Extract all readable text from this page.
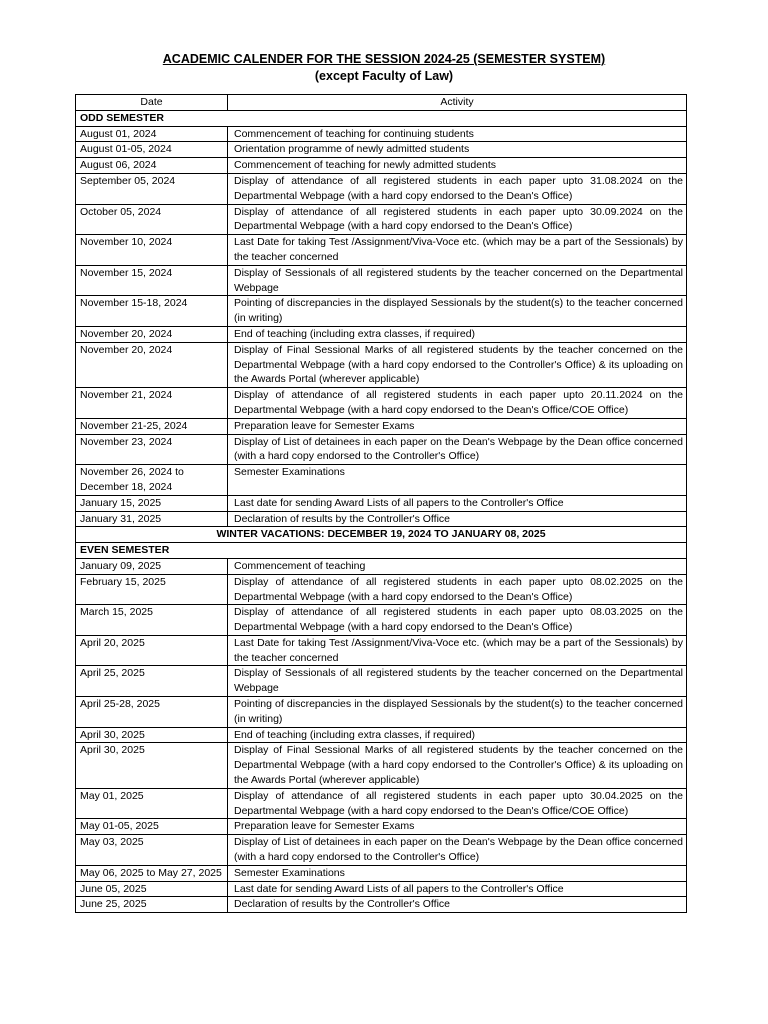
ACADEMIC CALENDER FOR THE SESSION 2024-25 (SEMESTER SYSTEM)
(except Faculty of Law)
Date	Activity
ODD SEMESTER	
August 01, 2024	Commencement of teaching for continuing students
August 01-05, 2024	Orientation programme of newly admitted students
August 06, 2024	Commencement of teaching for newly admitted students
September 05, 2024	Display of attendance of all registered students in each paper upto 31.08.2024 on the Departmental Webpage (with a hard copy endorsed to the Dean's Office)
October 05, 2024	Display of attendance of all registered students in each paper upto 30.09.2024 on the Departmental Webpage (with a hard copy endorsed to the Dean's Office)
November 10, 2024	Last Date for taking Test /Assignment/Viva-Voce etc. (which may be a part of the Sessionals) by the teacher concerned
November 15, 2024	Display of Sessionals of all registered students by the teacher concerned on the Departmental Webpage
November 15-18, 2024	Pointing of discrepancies in the displayed Sessionals by the student(s) to the teacher concerned (in writing)
November 20, 2024	End of teaching (including extra classes, if required)
November 20, 2024	Display of Final Sessional Marks of all registered students by the teacher concerned on the Departmental Webpage (with a hard copy endorsed to the Controller's Office) & its uploading on the Awards Portal (wherever applicable)
November 21, 2024	Display of attendance of all registered students in each paper upto 20.11.2024 on the Departmental Webpage (with a hard copy endorsed to the Dean's Office/COE Office)
November 21-25, 2024	Preparation leave for Semester Exams
November 23, 2024	Display of List of detainees in each paper on the Dean's Webpage by the Dean office concerned (with a hard copy endorsed to the Controller's Office)
November 26, 2024 to December 18, 2024	Semester Examinations
January 15, 2025	Last date for sending Award Lists of all papers to the Controller's Office
January 31, 2025	Declaration of results by the Controller's Office
WINTER VACATIONS: DECEMBER 19, 2024 TO JANUARY 08, 2025	
EVEN SEMESTER	
January 09, 2025	Commencement of teaching
February 15, 2025	Display of attendance of all registered students in each paper upto 08.02.2025 on the Departmental Webpage (with a hard copy endorsed to the Dean's Office)
March 15, 2025	Display of attendance of all registered students in each paper upto 08.03.2025 on the Departmental Webpage (with a hard copy endorsed to the Dean's Office)
April 20, 2025	Last Date for taking Test /Assignment/Viva-Voce etc. (which may be a part of the Sessionals) by the teacher concerned
April 25, 2025	Display of Sessionals of all registered students by the teacher concerned on the Departmental Webpage
April 25-28, 2025	Pointing of discrepancies in the displayed Sessionals by the student(s) to the teacher concerned (in writing)
April 30, 2025	End of teaching (including extra classes, if required)
April 30, 2025	Display of Final Sessional Marks of all registered students by the teacher concerned on the Departmental Webpage (with a hard copy endorsed to the Controller's Office) & its uploading on the Awards Portal (wherever applicable)
May 01, 2025	Display of attendance of all registered students in each paper upto 30.04.2025 on the Departmental Webpage (with a hard copy endorsed to the Dean's Office/COE Office)
May 01-05, 2025	Preparation leave for Semester Exams
May 03, 2025	Display of List of detainees in each paper on the Dean's Webpage by the Dean office concerned (with a hard copy endorsed to the Controller's Office)
May 06, 2025 to May 27, 2025	Semester Examinations
June 05, 2025	Last date for sending Award Lists of all papers to the Controller's Office
June 25, 2025	Declaration of results by the Controller's Office
